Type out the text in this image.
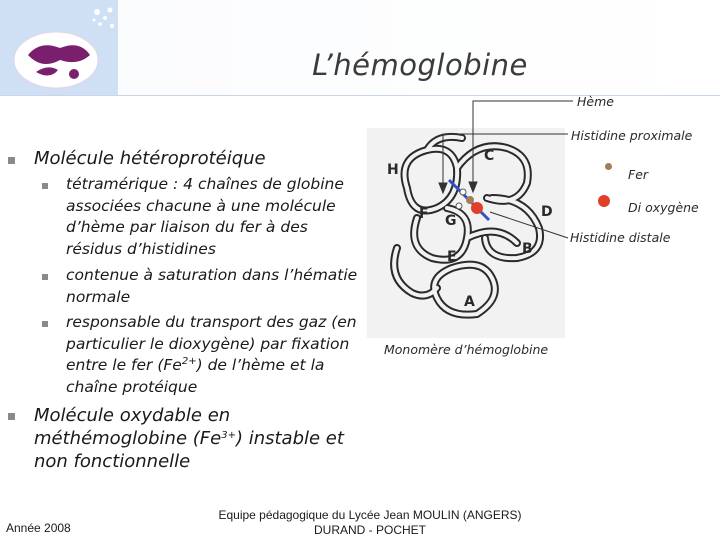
L’hémoglobine
Molécule hétéroprotéique
tétramérique : 4 chaînes de globine associées chacune à une molécule d’hème par liaison du fer à des résidus d’histidines
contenue à saturation dans l’hématie normale
responsable du transport des gaz (en particulier le dioxygène) par fixation entre le fer $(Fe^{2+})$ de l’hème et la chaîne protéique
Molécule oxydable en méthémoglobine $(Fe^{3+})$ instable et non fonctionnelle
H
C
F G
D
E	B
A
Monomère d’hémoglobine
Hème
Histidine proximale
Fer
Di oxygène
Histidine distale
Année 2008
Equipe pédagogique du Lycée Jean MOULIN (ANGERS)
DURAND - POCHET
